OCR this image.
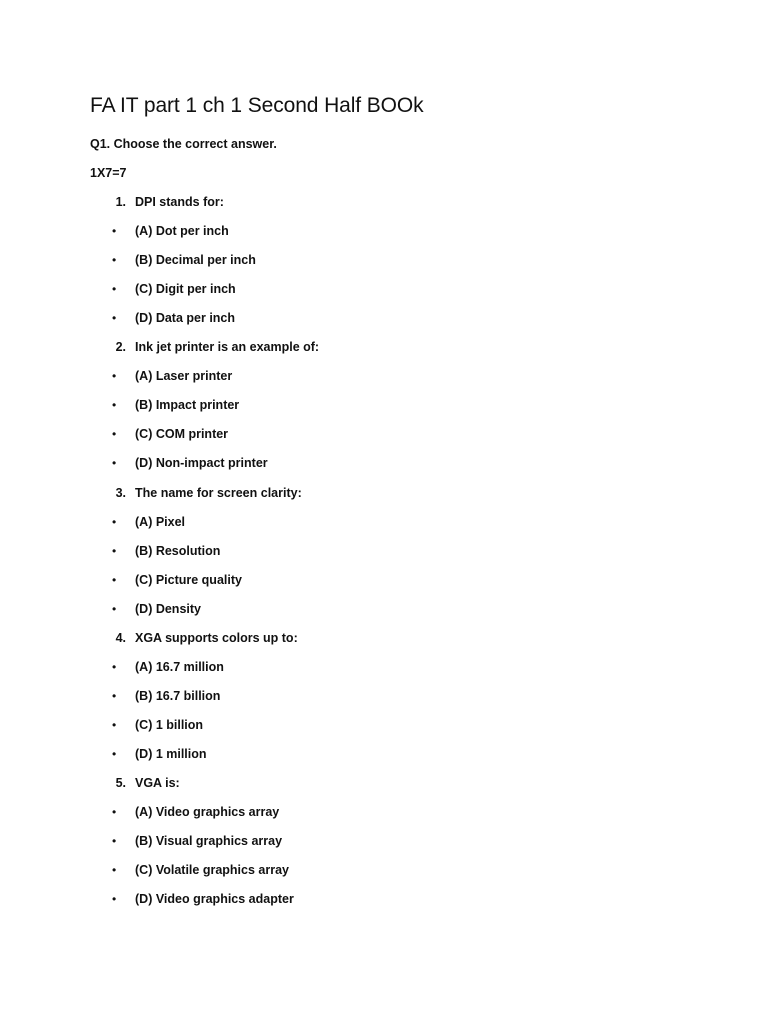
FA IT part 1 ch 1 Second Half BOOk
Q1. Choose the correct answer.
1X7=7
1. DPI stands for:
•	(A) Dot per inch
•	(B) Decimal per inch
•	(C) Digit per inch
•	(D) Data per inch
2. Ink jet printer is an example of:
•	(A) Laser printer
•	(B) Impact printer
•	(C) COM printer
•	(D) Non-impact printer
3. The name for screen clarity:
•	(A) Pixel
•	(B) Resolution
•	(C) Picture quality
•	(D) Density
4. XGA supports colors up to:
•	(A) 16.7 million
•	(B) 16.7 billion
•	(C) 1 billion
•	(D) 1 million
5. VGA is:
•	(A) Video graphics array
•	(B) Visual graphics array
•	(C) Volatile graphics array
•	(D) Video graphics adapter
